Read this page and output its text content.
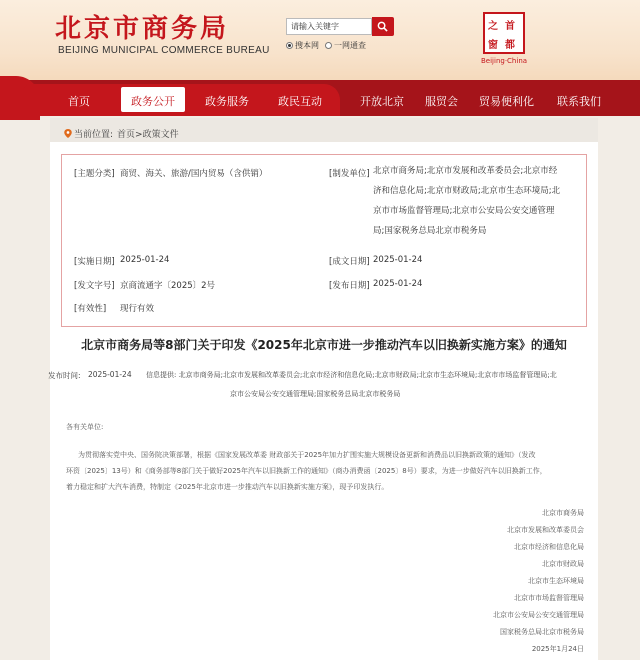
北京市商务局
BEIJING MUNICIPAL COMMERCE BUREAU
请输入关键字	搜本网 一网通查
之 首
窗 都
Beijing·China
首页	政务公开	政务服务	政民互动	开放北京 服贸会 贸易便利化 联系我们
当前位置: 首页>政策文件
[主题分类] 商贸、海关、旅游/国内贸易（含供销）	[制发单位] 北京市商务局;北京市发展和改革委员会;北京市经济和信息化局;北京市财政局;北京市生态环境局;北京市市场监督管理局;北京市公安局公安交通管理局;国家税务总局北京市税务局
[实施日期] 2025-01-24	[成文日期] 2025-01-24
[发文字号] 京商流通字〔2025〕2号	[发布日期] 2025-01-24
[有效性] 现行有效
北京市商务局等8部门关于印发《2025年北京市进一步推动汽车以旧换新实施方案》的通知
发布时间: 2025-01-24 信息提供: 北京市商务局;北京市发展和改革委员会;北京市经济和信息化局;北京市财政局;北京市生态环境局;北京市市场监督管理局;北
京市公安局公安交通管理局;国家税务总局北京市税务局
各有关单位:
为贯彻落实党中央、国务院决策部署，根据《国家发展改革委 财政部关于2025年加力扩围实施大规模设备更新和消费品以旧换新政策的通知》（发改
环资〔2025〕13号）和《商务部等8部门关于做好2025年汽车以旧换新工作的通知》（商办消费函〔2025〕8号）要求，为进一步做好汽车以旧换新工作，
着力稳定和扩大汽车消费，特制定《2025年北京市进一步推动汽车以旧换新实施方案》，现予印发执行。
北京市商务局
北京市发展和改革委员会
北京市经济和信息化局
北京市财政局
北京市生态环境局
北京市市场监督管理局
北京市公安局公安交通管理局
国家税务总局北京市税务局
2025年1月24日
